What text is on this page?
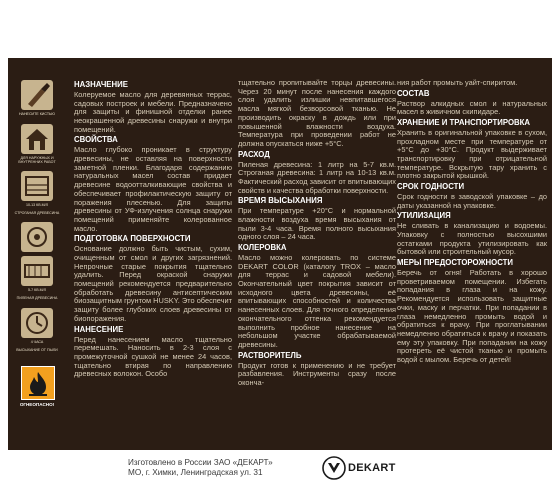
НАНЕСИТЕ КИСТЬЮ
ДЛЯ НАРУЖНЫХ И ВНУТРЕННИХ РАБОТ
10-13 КВ.М/Л
СТРОГАНАЯ ДРЕВЕСИНА
5-7 КВ.М/Л
ПИЛЕНАЯ ДРЕВЕСИНА
4 ЧАСА
ВЫСЫХАНИЕ ОТ ПЫЛИ
ОГНЕОПАСНО!
НАЗНАЧЕНИЕ

Колеруемое масло для деревянных террас, садовых построек и мебели. Предназначено для защиты и финишной отделки ранее неокрашенной древесины снаружи и внутри помещений.

СВОЙСТВА

Масло глубоко проникает в структуру древесины, не оставляя на поверхности заметной пленки. Благодаря содержанию натуральных масел состав придает древесине водоотталкивающие свойства и обеспечивает профилактическую защиту от поражения плесенью. Для защиты древесины от УФ-излучения солнца снаружи помещений применяйте колерованное масло.

ПОДГОТОВКА ПОВЕРХНОСТИ

Основание должно быть чистым, сухим, очищенным от смол и других загрязнений. Непрочные старые покрытия тщательно удалить. Перед окраской снаружи помещений рекомендуется предварительно обработать древесину антисептическим биозащитным грунтом HUSKY. Это обеспечит защиту более глубоких слоев древесины от биопоражения.

НАНЕСЕНИЕ

Перед нанесением масло тщательно перемешать. Наносить в 2-3 слоя с промежуточной сушкой не менее 24 часов, тщательно втирая по направлению древесных волокон. Особо

тщательно пропитывайте торцы древесины. Через 20 минут после нанесения каждого слоя удалить излишки невпитавшегося масла мягкой безворсовой тканью. Не производить окраску в дождь или при повышенной влажности воздуха. Температура при проведении работ не должна опускаться ниже +5°С.

РАСХОД

Пиленая древесина: 1 литр на 5-7 кв.м. Строганая древесина: 1 литр на 10-13 кв.м. Фактический расход зависит от впитывающих свойств и качества обработки поверхности.

ВРЕМЯ ВЫСЫХАНИЯ

При температуре +20°С и нормальной влажности воздуха время высыхания от пыли 3-4 часа. Время полного высыхания одного слоя – 24 часа.

КОЛЕРОВКА

Масло можно колеровать по системе DEKART COLOR (каталогу TROX – масло для террас и садовой мебели). Окончательный цвет покрытия зависит от исходного цвета древесины, её впитывающих способностей и количества нанесенных слоев. Для точного определения окончательного оттенка рекомендуется выполнить пробное нанесение на небольшом участке обрабатываемой древесины.

РАСТВОРИТЕЛЬ

Продукт готов к применению и не требует разбавления. Инструменты сразу после оконча-

ния работ промыть уайт-спиритом.

СОСТАВ

Раствор алкидных смол и натуральных масел в живичном скипидаре.

ХРАНЕНИЕ И ТРАНСПОРТИРОВКА

Хранить в оригинальной упаковке в сухом, прохладном месте при температуре от +5°С до +30°С. Продукт выдерживает транспортировку при отрицательной температуре. Вскрытую тару хранить с плотно закрытой крышкой.

СРОК ГОДНОСТИ

Срок годности в заводской упаковке – до даты указанной на упаковке.

УТИЛИЗАЦИЯ

Не сливать в канализацию и водоемы. Упаковку с полностью высохшими остатками продукта утилизировать как бытовой или строительный мусор.

МЕРЫ ПРЕДОСТОРОЖНОСТИ

Беречь от огня! Работать в хорошо проветриваемом помещении. Избегать попадания в глаза и на кожу. Рекомендуется использовать защитные очки, маску и перчатки. При попадании в глаза немедленно промыть водой и обратиться к врачу. При проглатывании немедленно обратиться к врачу и показать ему эту упаковку. При попадании на кожу протереть её чистой тканью и промыть водой с мылом. Беречь от детей!

Изготовлено в России ЗАО «ДЕКАРТ»
МО, г. Химки, Ленинградская ул. 31	DEKART
